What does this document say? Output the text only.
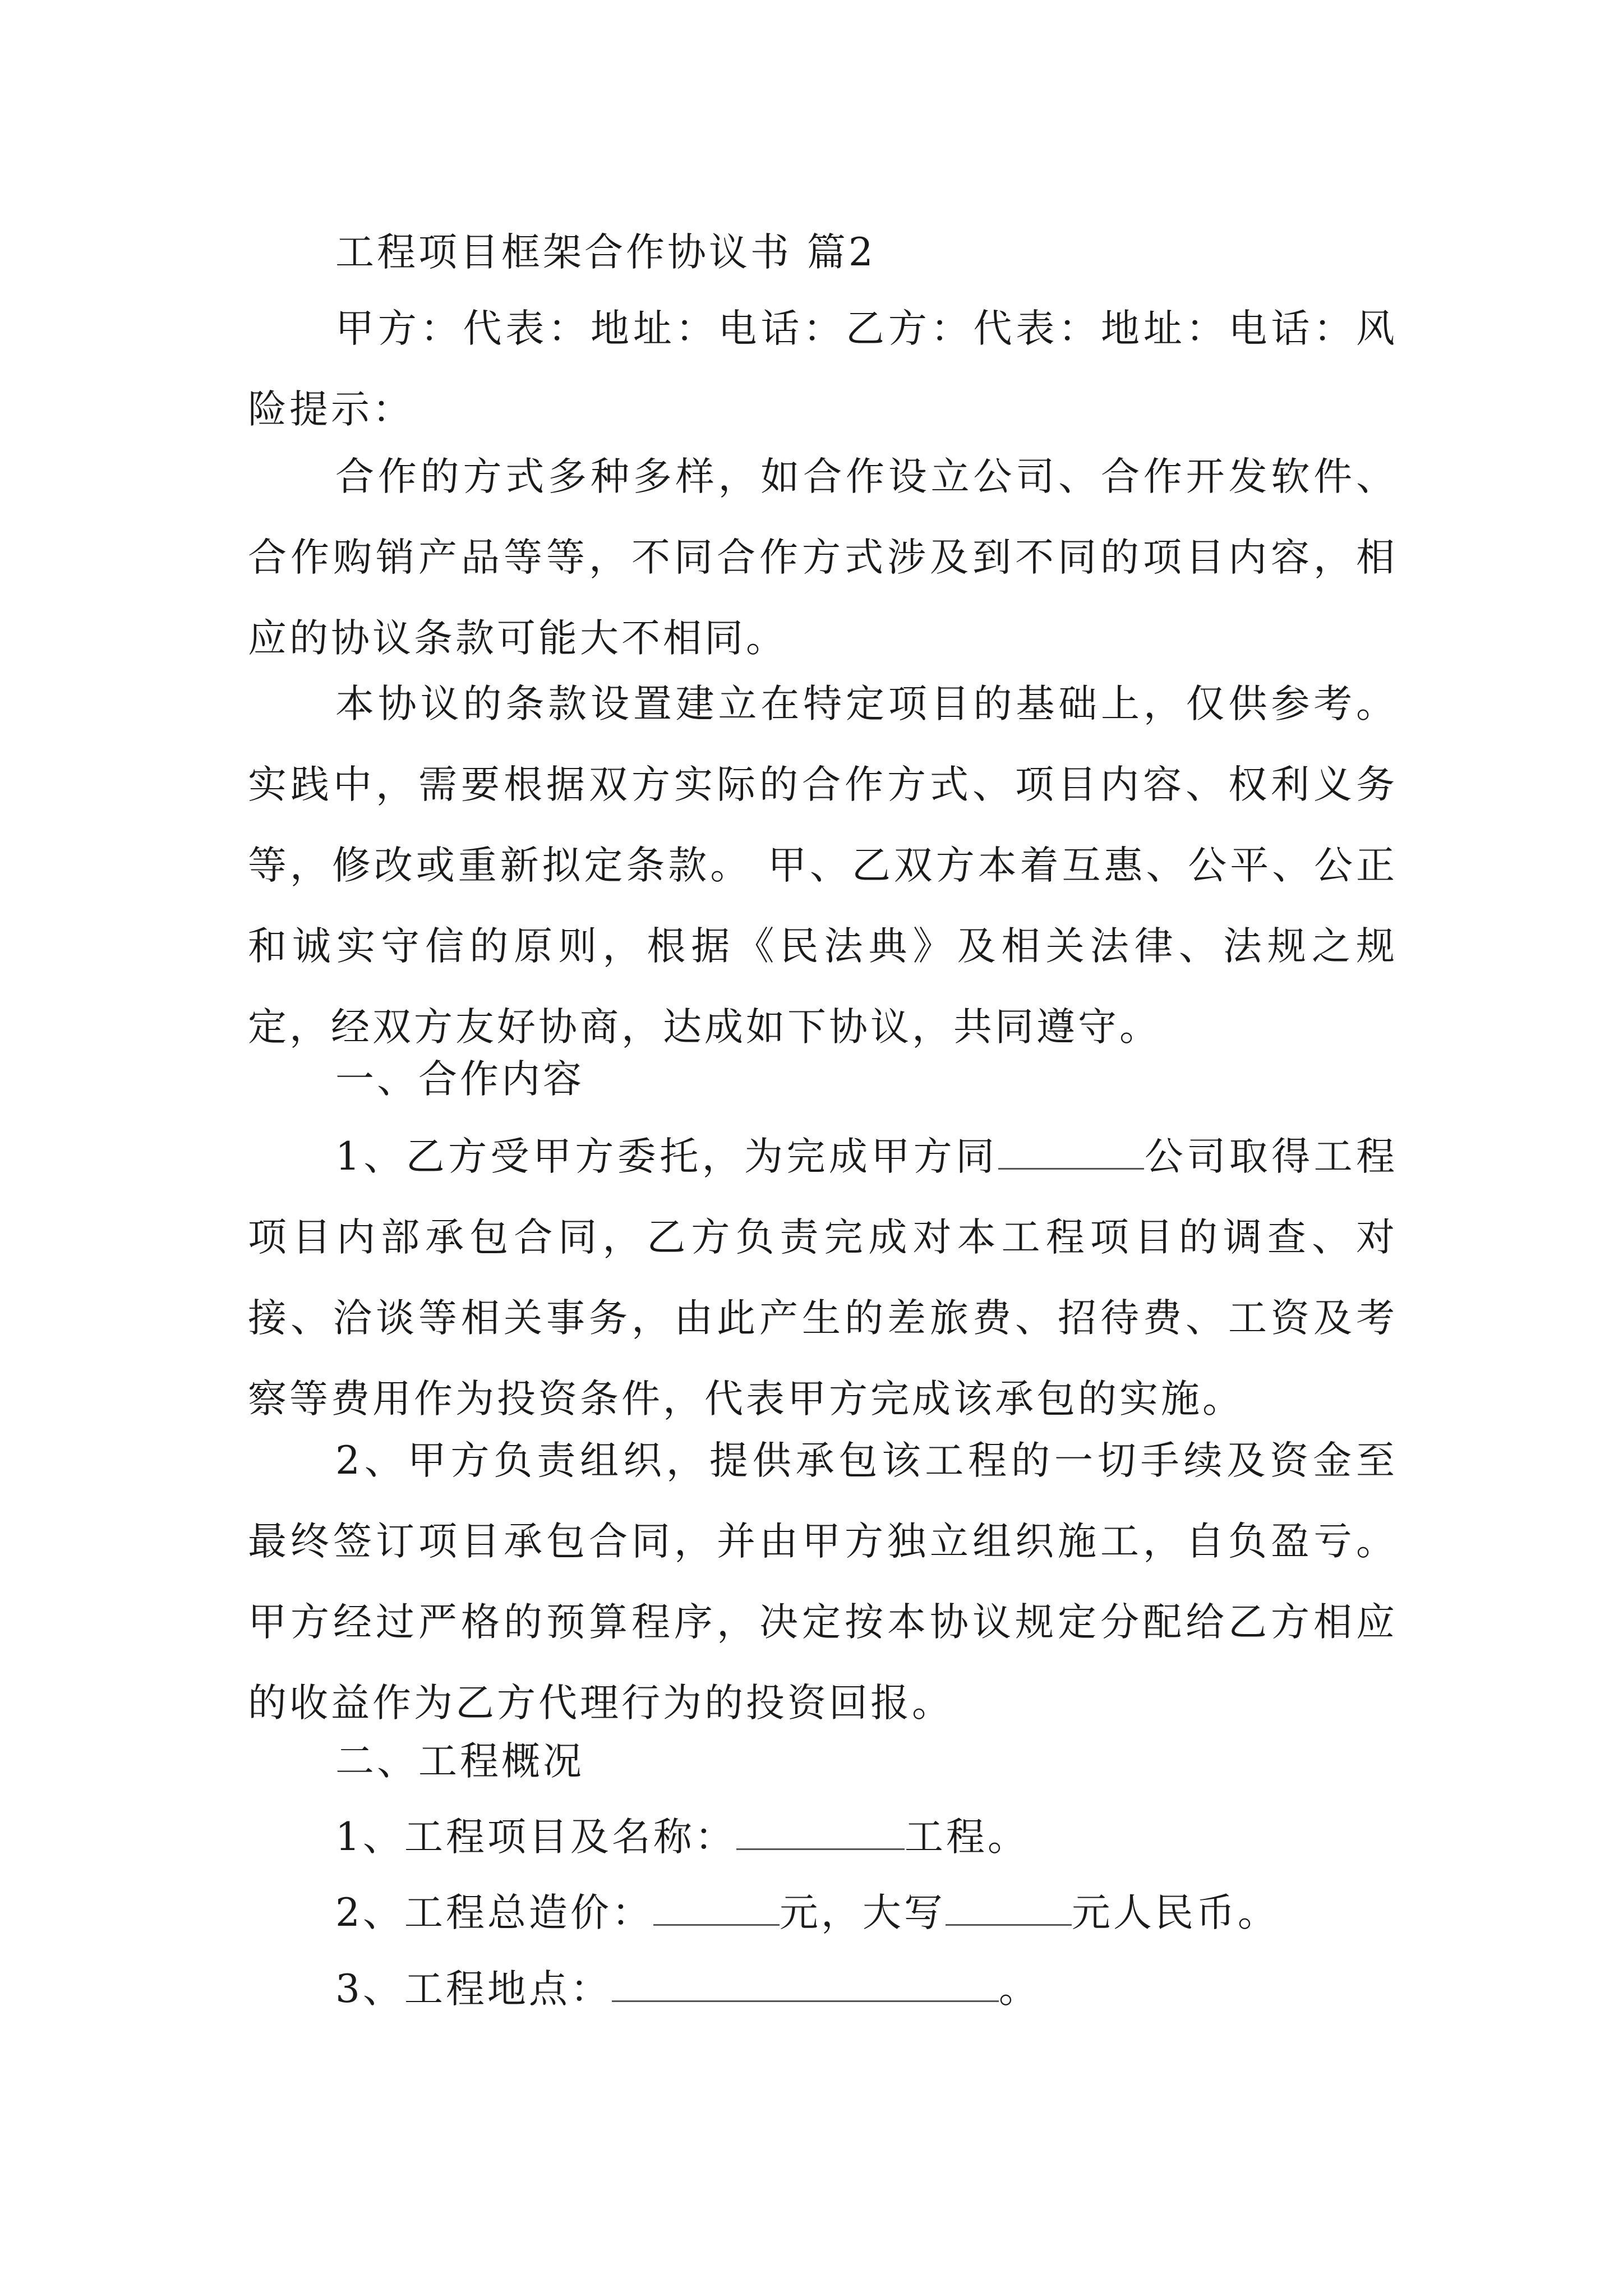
工程项目框架合作协议书 篇2

甲方：代表：地址：电话：乙方：代表：地址：电话：风险提示：

合作的方式多种多样，如合作设立公司、合作开发软件、合作购销产品等等，不同合作方式涉及到不同的项目内容，相应的协议条款可能大不相同。

本协议的条款设置建立在特定项目的基础上，仅供参考。实践中，需要根据双方实际的合作方式、项目内容、权利义务等，修改或重新拟定条款。 甲、乙双方本着互惠、公平、公正和诚实守信的原则，根据《民法典》及相关法律、法规之规定，经双方友好协商，达成如下协议，共同遵守。

一、合作内容

1、乙方受甲方委托，为完成甲方同	公司取得工程项目内部承包合同，乙方负责完成对本工程项目的调查、对接、洽谈等相关事务，由此产生的差旅费、招待费、工资及考察等费用作为投资条件，代表甲方完成该承包的实施。

2、甲方负责组织，提供承包该工程的一切手续及资金至最终签订项目承包合同，并由甲方独立组织施工，自负盈亏。甲方经过严格的预算程序，决定按本协议规定分配给乙方相应的收益作为乙方代理行为的投资回报。

二、工程概况

1、工程项目及名称：	工程。

2、工程总造价：	元，大写	元人民币。

3、工程地点：	。
